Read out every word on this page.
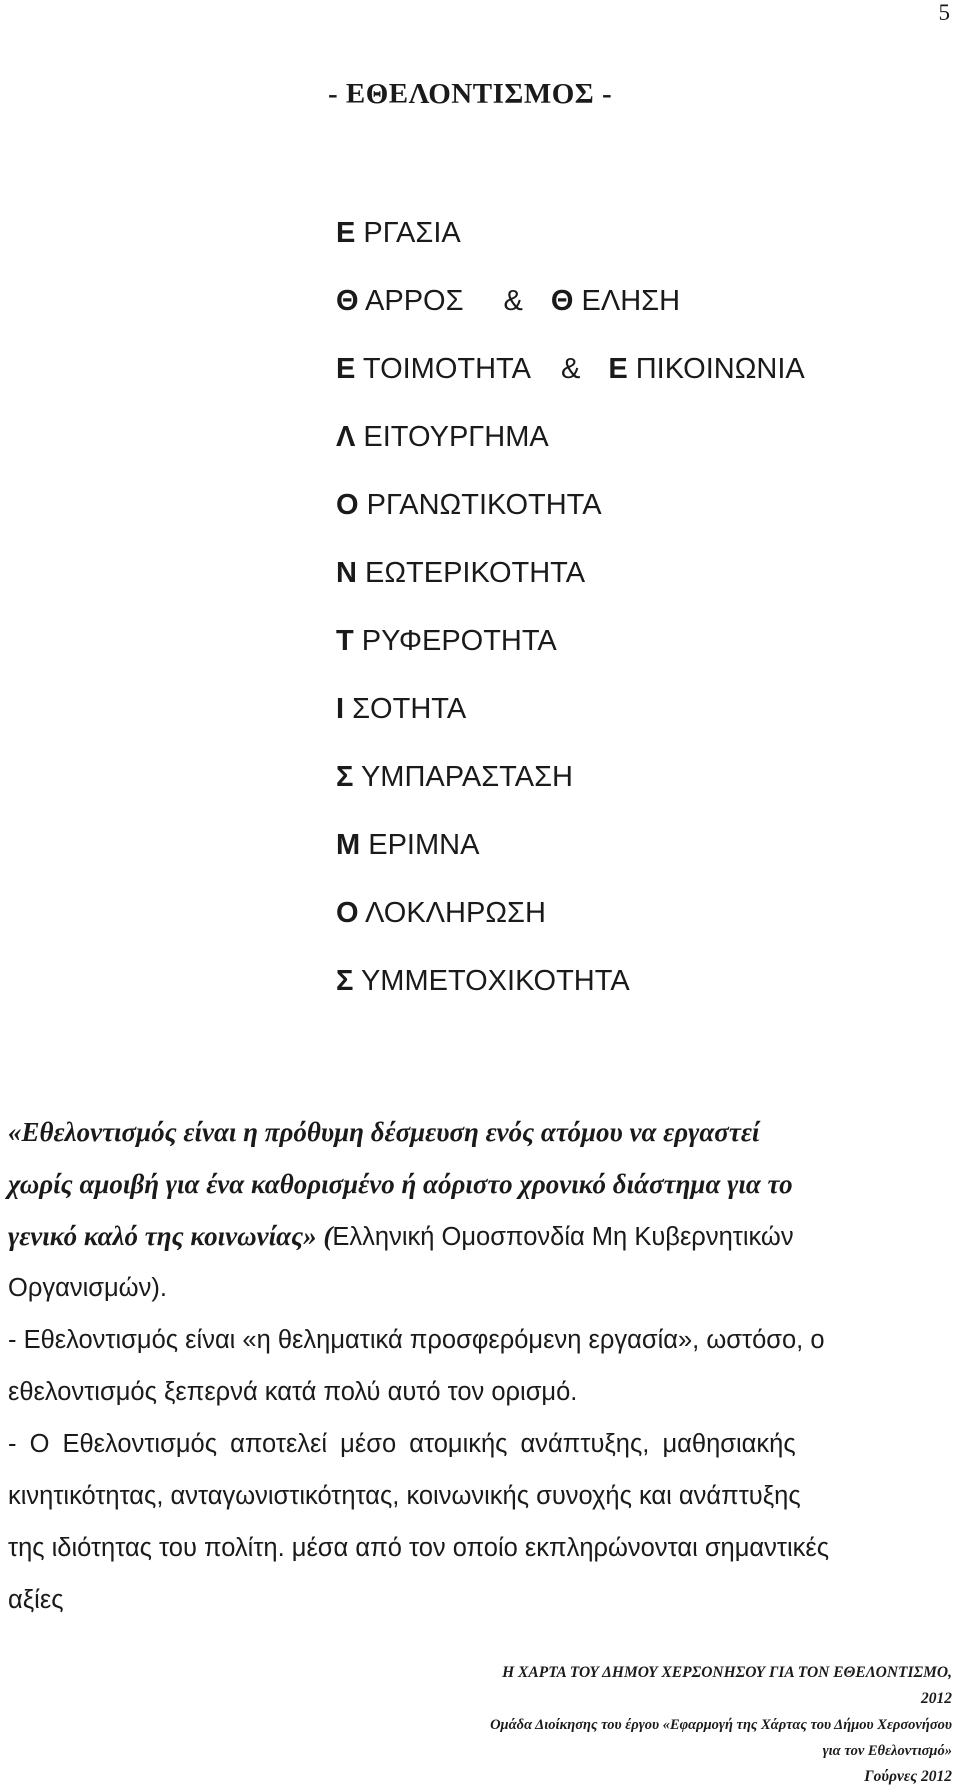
5
- ΕΘΕΛΟΝΤΙΣΜΟΣ -
Ε ΡΓΑΣΙΑ
Θ ΑΡΡΟΣ & Θ ΕΛΗΣΗ
Ε ΤΟΙΜΟΤΗΤΑ & Ε ΠΙΚΟΙΝΩΝΙΑ
Λ ΕΙΤΟΥΡΓΗΜΑ
Ο ΡΓΑΝΩΤΙΚΟΤΗΤΑ
Ν ΕΩΤΕΡΙΚΟΤΗΤΑ
Τ ΡΥΦΕΡΟΤΗΤΑ
Ι ΣΟΤΗΤΑ
Σ ΥΜΠΑΡΑΣΤΑΣΗ
Μ ΕΡΙΜΝΑ
Ο ΛΟΚΛΗΡΩΣΗ
Σ ΥΜΜΕΤΟΧΙΚΟΤΗΤΑ
«Εθελοντισμός είναι η πρόθυμη δέσμευση ενός ατόμου να εργαστεί
χωρίς αμοιβή για ένα καθορισμένο ή αόριστο χρονικό διάστημα για το
γενικό καλό της κοινωνίας» (Ελληνική Ομοσπονδία Μη Κυβερνητικών
Οργανισμών).
- Εθελοντισμός είναι «η θεληματικά προσφερόμενη εργασία», ωστόσο, ο
εθελοντισμός ξεπερνά κατά πολύ αυτό τον ορισμό.
- Ο Εθελοντισμός αποτελεί μέσο ατομικής ανάπτυξης, μαθησιακής
κινητικότητας, ανταγωνιστικότητας, κοινωνικής συνοχής και ανάπτυξης
της ιδιότητας του πολίτη. μέσα από τον οποίο εκπληρώνονται σημαντικές
αξίες
Η ΧΑΡΤΑ ΤΟΥ ΔΗΜΟΥ ΧΕΡΣΟΝΗΣΟΥ ΓΙΑ ΤΟΝ ΕΘΕΛΟΝΤΙΣΜΟ, 2012
Ομάδα Διοίκησης του έργου «Εφαρμογή της Χάρτας του Δήμου Χερσονήσου για τον Εθελοντισμό»
Γούρνες 2012
